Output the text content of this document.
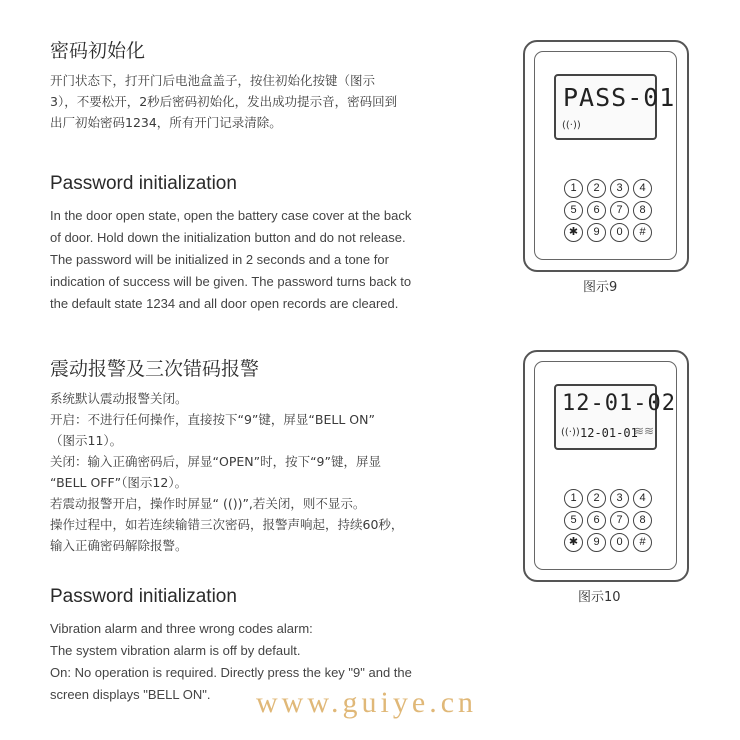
密码初始化
开门状态下，打开门后电池盒盖子，按住初始化按键（图示
3），不要松开，2秒后密码初始化，发出成功提示音，密码回到
出厂初始密码1234，所有开门记录清除。
Password initialization
In the door open state, open the battery case cover at the back
of door. Hold down the initialization button and do not release.
The password will be initialized in 2 seconds and a tone for
indication of success will be given. The password turns back to
the default state 1234 and all door open records are cleared.
震动报警及三次错码报警
系统默认震动报警关闭。
开启：不进行任何操作，直接按下“9”键，屏显“BELL ON”
（图示11）。
关闭：输入正确密码后，屏显“OPEN”时，按下“9”键，屏显
“BELL OFF”（图示12）。
若震动报警开启，操作时屏显“ (())”,若关闭，则不显示。
操作过程中，如若连续输错三次密码，报警声响起，持续60秒，
输入正确密码解除报警。
Password initialization
Vibration alarm and three wrong codes alarm:
The system vibration alarm is off by default.
On: No operation is required. Directly press the key "9" and the
screen displays "BELL ON".
PASS-01
((·))
1	2	3	4
5	6	7	8
✱	9	0	#
图示9
12-01-02
((·)) 12-01-01
≋≋
1	2	3	4
5	6	7	8
✱	9	0	#
图示10
www.guiye.cn
